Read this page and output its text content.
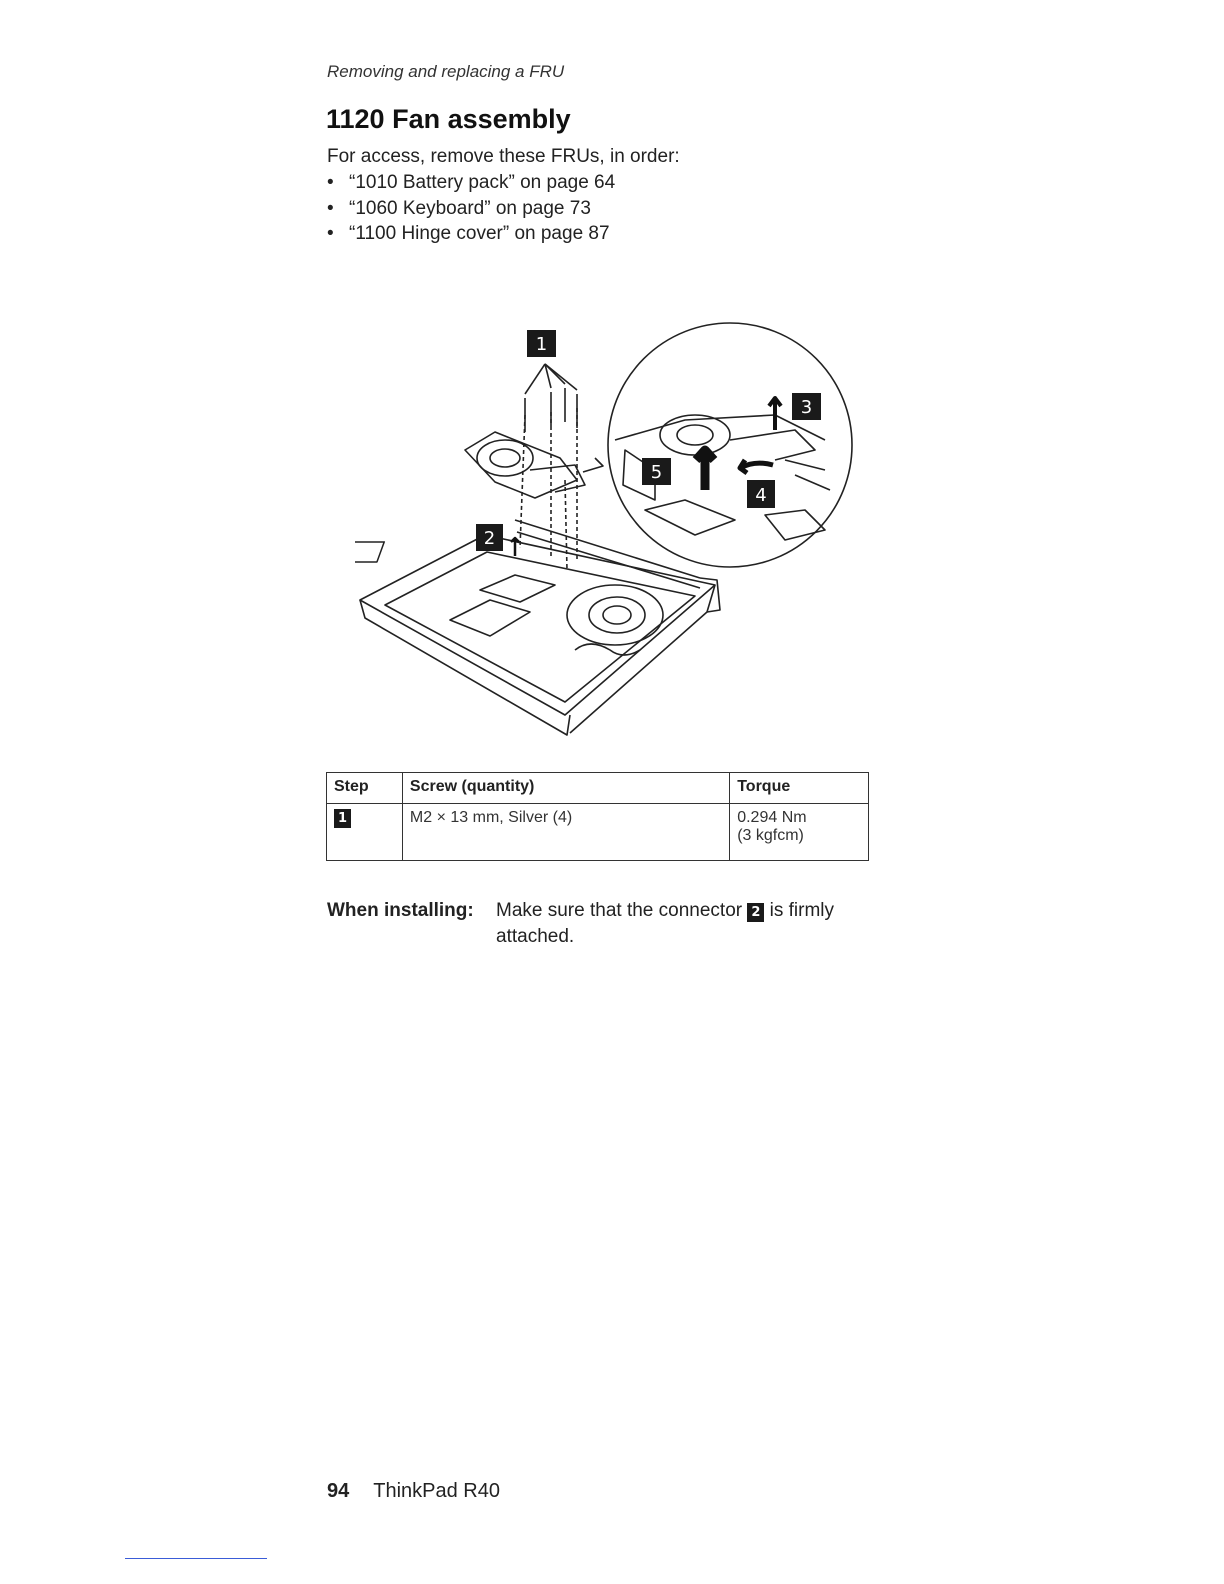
Removing and replacing a FRU
1120 Fan assembly
For access, remove these FRUs, in order:
• “1010 Battery pack” on page 64
• “1060 Keyboard” on page 73
• “1100 Hinge cover” on page 87
1
2
3
4
5
Step	Screw (quantity)	Torque
1	M2 × 13 mm, Silver (4)	0.294 Nm
(3 kgfcm)
When installing: Make sure that the connector 2 is firmly attached.
94 ThinkPad R40
